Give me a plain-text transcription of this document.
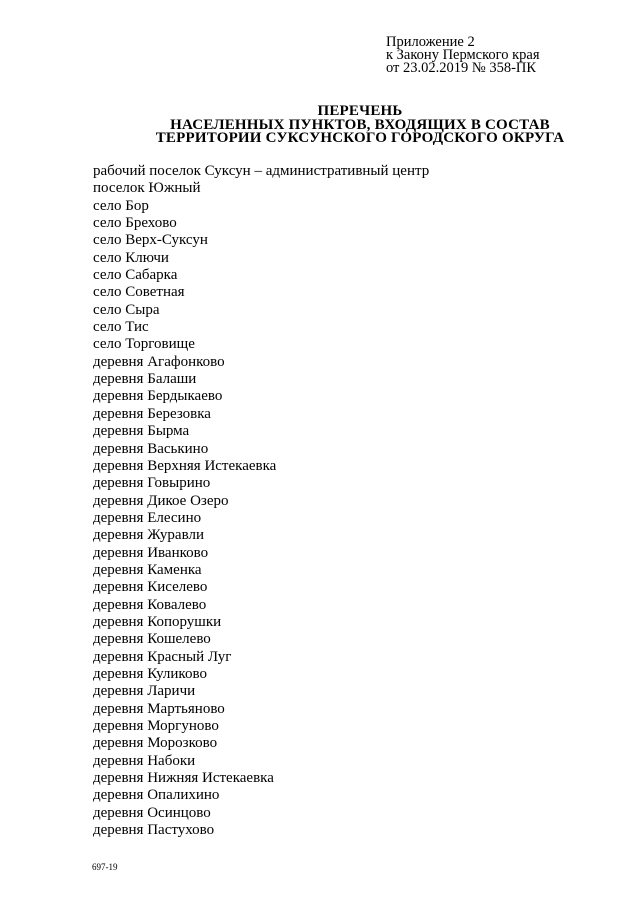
Приложение 2
к Закону Пермского края
от 23.02.2019 № 358-ПК
ПЕРЕЧЕНЬ
НАСЕЛЕННЫХ ПУНКТОВ, ВХОДЯЩИХ В СОСТАВ
ТЕРРИТОРИИ СУКСУНСКОГО ГОРОДСКОГО ОКРУГА
рабочий поселок Суксун – административный центр
поселок Южный
село Бор
село Брехово
село Верх-Суксун
село Ключи
село Сабарка
село Советная
село Сыра
село Тис
село Торговище
деревня Агафонково
деревня Балаши
деревня Бердыкаево
деревня Березовка
деревня Бырма
деревня Васькино
деревня Верхняя Истекаевка
деревня Говырино
деревня Дикое Озеро
деревня Елесино
деревня Журавли
деревня Иванково
деревня Каменка
деревня Киселево
деревня Ковалево
деревня Копорушки
деревня Кошелево
деревня Красный Луг
деревня Куликово
деревня Ларичи
деревня Мартьяново
деревня Моргуново
деревня Морозково
деревня Набоки
деревня Нижняя Истекаевка
деревня Опалихино
деревня Осинцово
деревня Пастухово
697-19
